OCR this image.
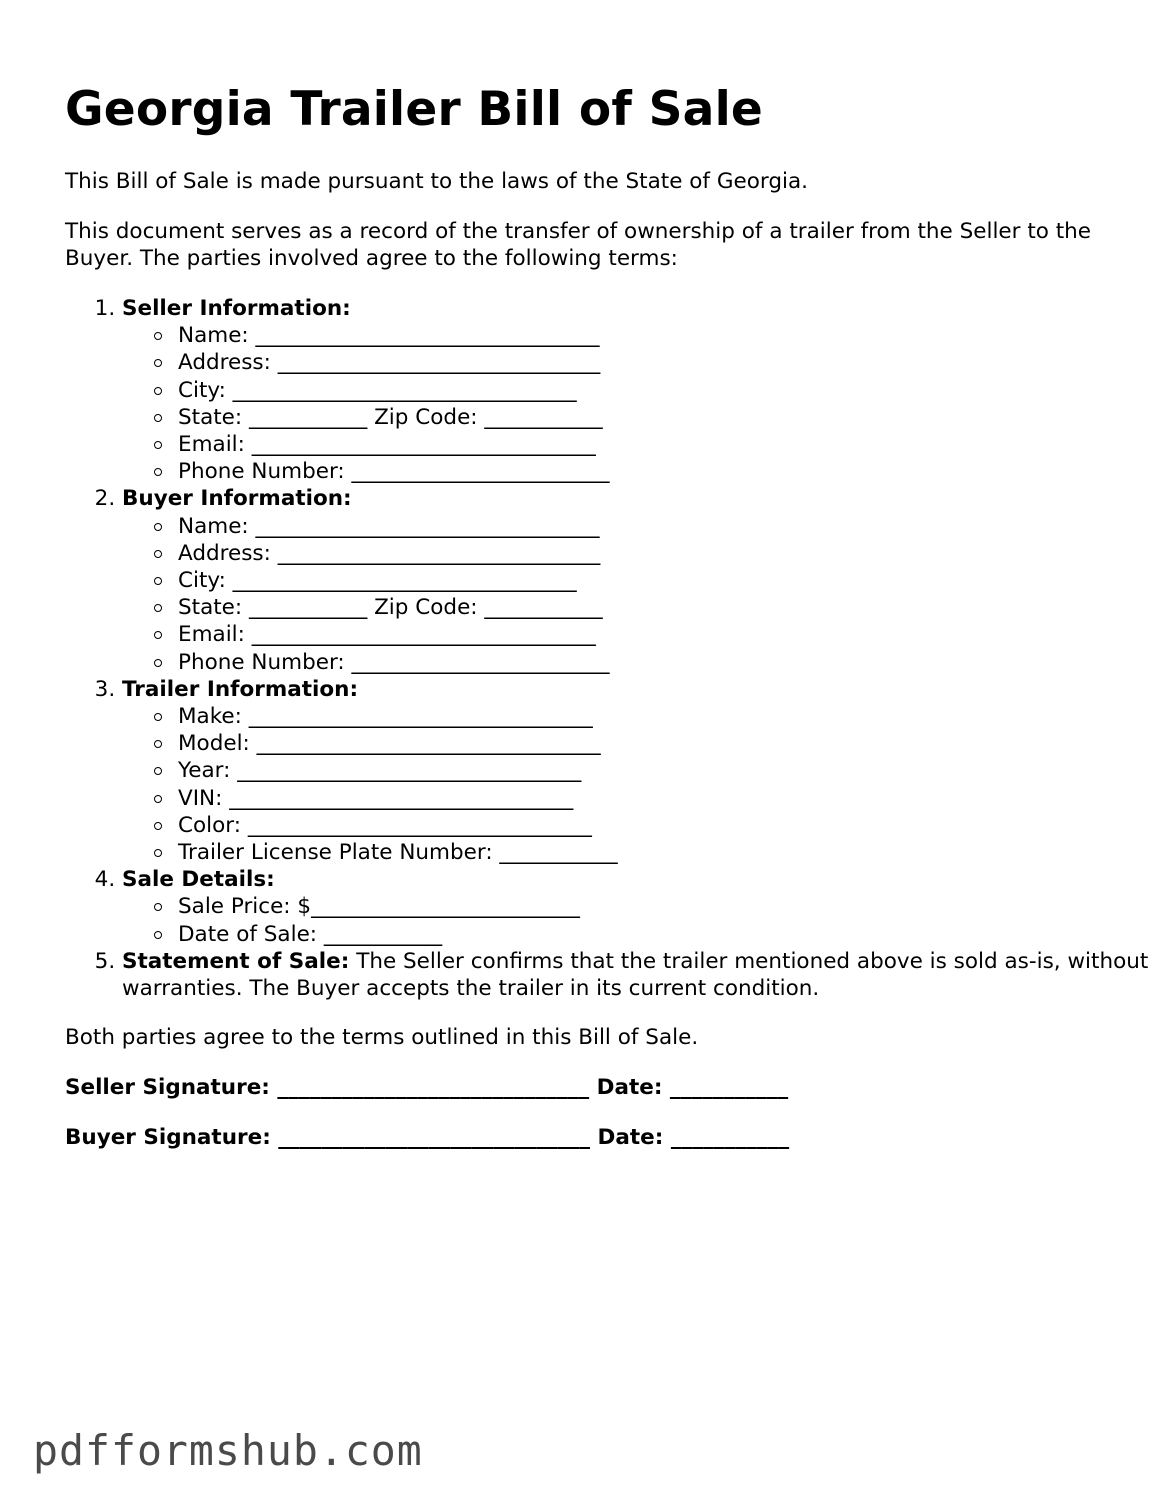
Georgia Trailer Bill of Sale
This Bill of Sale is made pursuant to the laws of the State of Georgia.
This document serves as a record of the transfer of ownership of a trailer from the Seller to the Buyer. The parties involved agree to the following terms:
1. Seller Information:
Name: ________________________________
Address: ______________________________
City: ________________________________
State: ___________ Zip Code: ___________
Email: ________________________________
Phone Number: ________________________
2. Buyer Information:
Name: ________________________________
Address: ______________________________
City: ________________________________
State: ___________ Zip Code: ___________
Email: ________________________________
Phone Number: ________________________
3. Trailer Information:
Make: ________________________________
Model: ________________________________
Year: ________________________________
VIN: ________________________________
Color: ________________________________
Trailer License Plate Number: ___________
4. Sale Details:
Sale Price: $_________________________
Date of Sale: ___________
5. Statement of Sale: The Seller confirms that the trailer mentioned above is sold as-is, without warranties. The Buyer accepts the trailer in its current condition.
Both parties agree to the terms outlined in this Bill of Sale.
Seller Signature: _____________________________ Date: ___________
Buyer Signature: _____________________________ Date: ___________
pdfformshub.com
